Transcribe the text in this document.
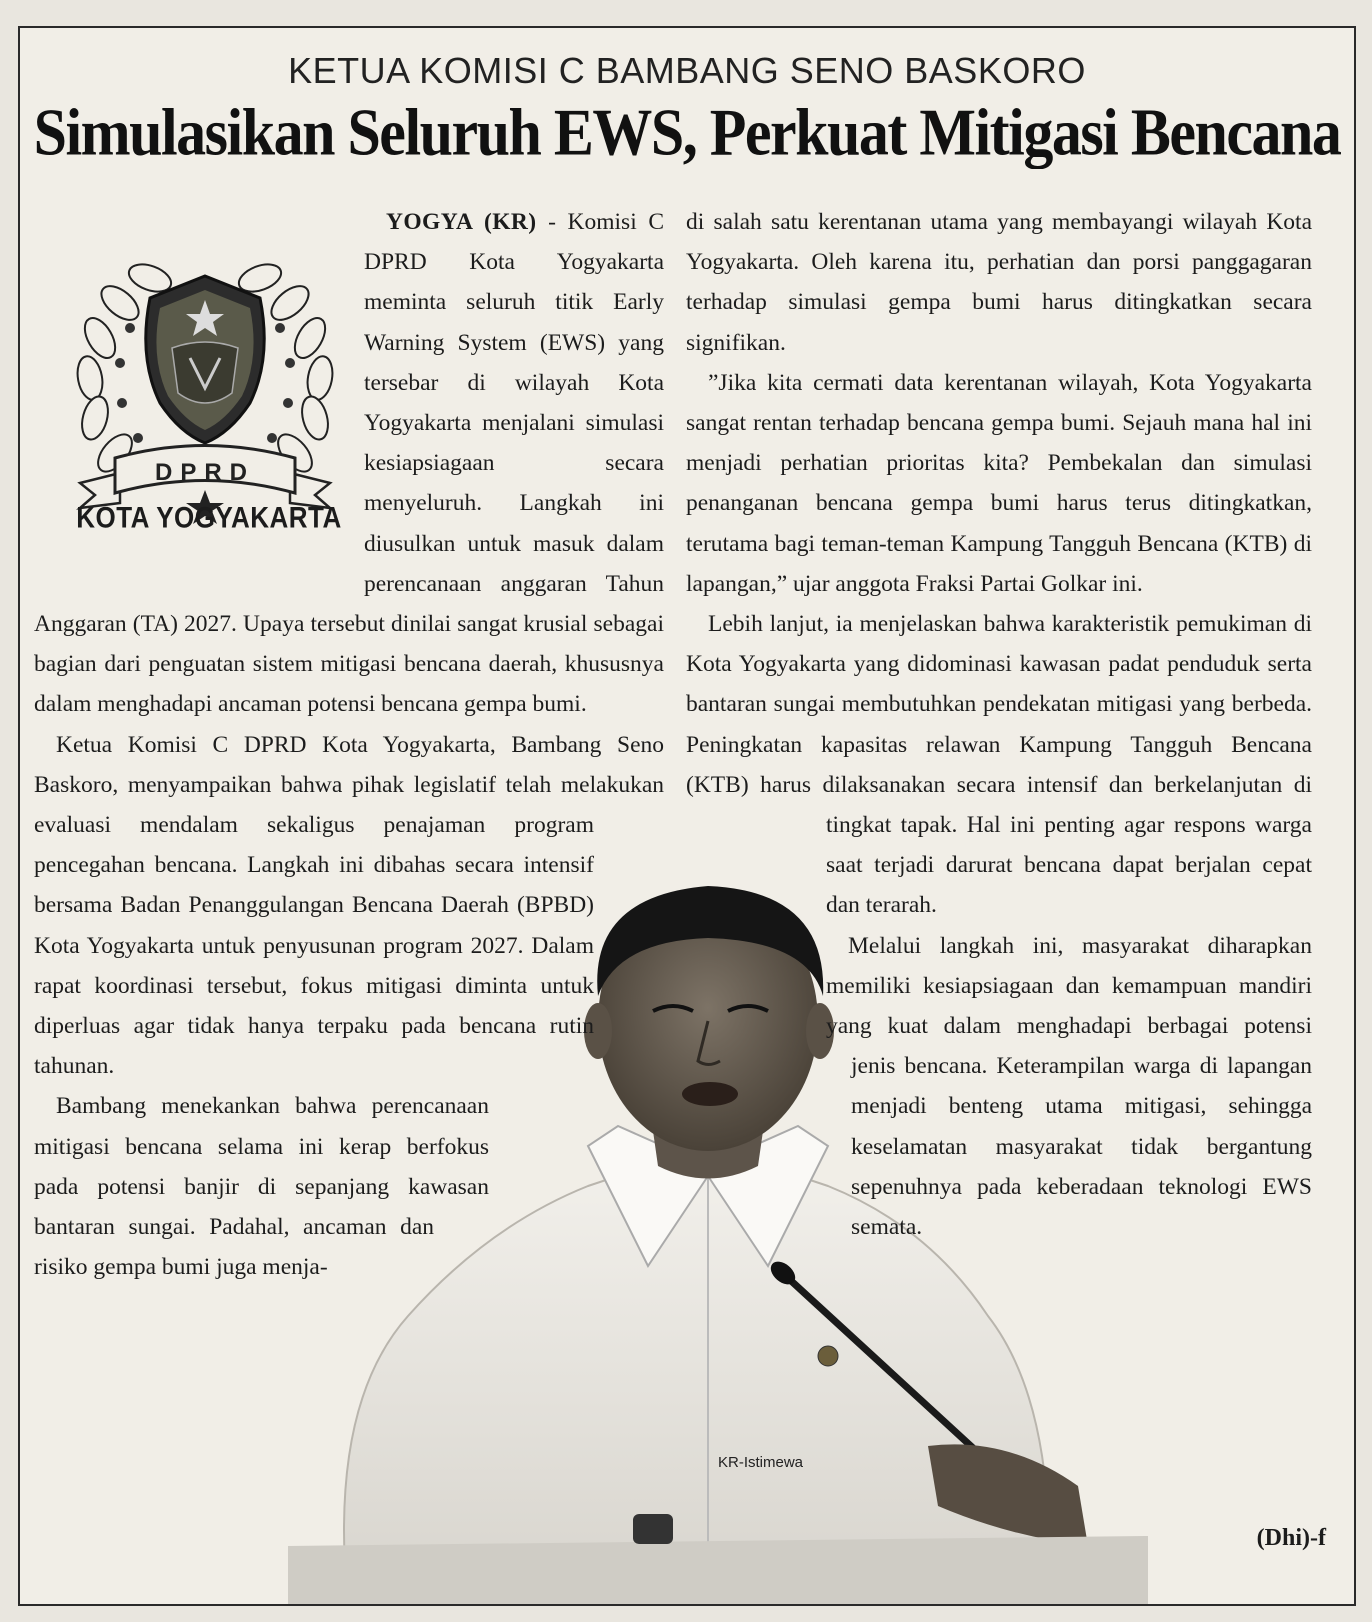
KETUA KOMISI C BAMBANG SENO BASKORO
Simulasikan Seluruh EWS, Perkuat Mitigasi Bencana
DPRD
KOTA YOGYAKARTA
KR-Istimewa

YOGYA (KR) - Komisi C DPRD Kota Yogyakarta meminta seluruh titik Early Warning System (EWS) yang tersebar di wilayah Kota Yogyakarta menjalani simulasi kesiapsiagaan secara menyeluruh. Langkah ini diusulkan untuk masuk dalam perencanaan anggaran Tahun Anggaran (TA) 2027. Upaya tersebut dinilai sangat krusial sebagai bagian dari penguatan sistem mitigasi bencana daerah, khususnya dalam menghadapi ancaman potensi bencana gempa bumi.

Ketua Komisi C DPRD Kota Yogyakarta, Bambang Seno Baskoro, menyampaikan bahwa pihak legislatif telah melakukan evaluasi mendalam sekaligus penajaman program pencegahan bencana. Langkah ini dibahas secara intensif bersama Badan Penanggulangan Bencana Daerah (BPBD) Kota Yogyakarta untuk penyusunan program 2027. Dalam rapat koordinasi tersebut, fokus mitigasi diminta untuk diperluas agar tidak hanya terpaku pada bencana rutin tahunan.

Bambang menekankan bahwa perencanaan mitigasi bencana selama ini kerap berfokus pada potensi banjir di sepanjang kawasan bantaran sungai. Padahal, ancaman dan risiko gempa bumi juga menja-

di salah satu kerentanan utama yang membayangi wilayah Kota Yogyakarta. Oleh karena itu, perhatian dan porsi panggagaran terhadap simulasi gempa bumi harus ditingkatkan secara signifikan.

”Jika kita cermati data kerentanan wilayah, Kota Yogyakarta sangat rentan terhadap bencana gempa bumi. Sejauh mana hal ini menjadi perhatian prioritas kita? Pembekalan dan simulasi penanganan bencana gempa bumi harus terus ditingkatkan, terutama bagi teman-teman Kampung Tangguh Bencana (KTB) di lapangan,” ujar anggota Fraksi Partai Golkar ini.

Lebih lanjut, ia menjelaskan bahwa karakteristik pemukiman di Kota Yogyakarta yang didominasi kawasan padat penduduk serta bantaran sungai membutuhkan pendekatan mitigasi yang berbeda. Peningkatan kapasitas relawan Kampung Tangguh Bencana (KTB) harus dilaksanakan secara intensif dan berkelanjutan di tingkat tapak. Hal ini penting agar respons warga saat terjadi darurat bencana dapat berjalan cepat dan terarah.

Melalui langkah ini, masyarakat diharapkan memiliki kesiapsiagaan dan kemampuan mandiri yang kuat dalam menghadapi berbagai potensi jenis bencana. Keterampilan warga di lapangan menjadi benteng utama mitigasi, sehingga keselamatan masyarakat tidak bergantung sepenuhnya pada keberadaan teknologi EWS semata.

(Dhi)-f
